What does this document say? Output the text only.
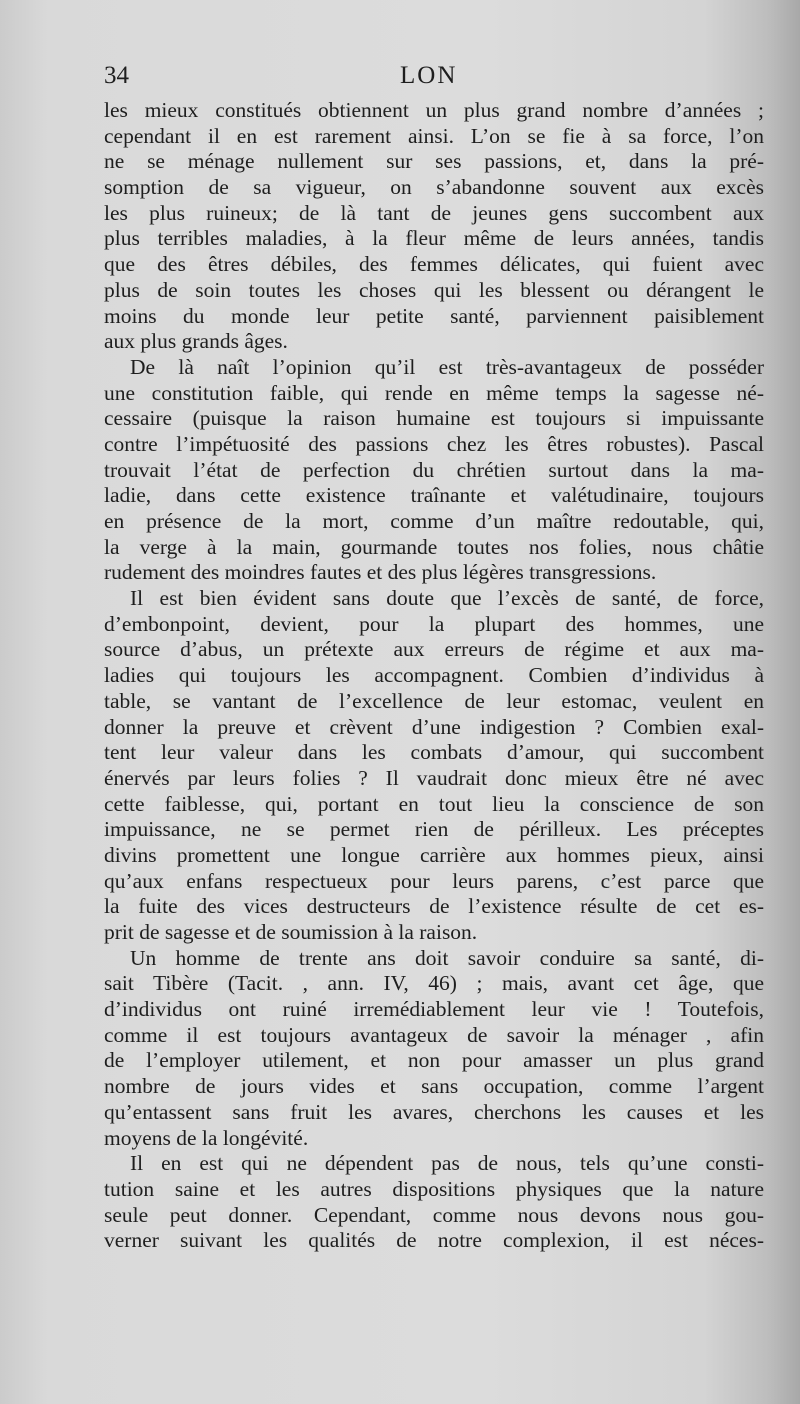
34	LON
les mieux constitués obtiennent un plus grand nombre d’années ;
cependant il en est rarement ainsi. L’on se fie à sa force, l’on
ne se ménage nullement sur ses passions, et, dans la pré-
somption de sa vigueur, on s’abandonne souvent aux excès
les plus ruineux; de là tant de jeunes gens succombent aux
plus terribles maladies, à la fleur même de leurs années, tandis
que des êtres débiles, des femmes délicates, qui fuient avec
plus de soin toutes les choses qui les blessent ou dérangent le
moins du monde leur petite santé, parviennent paisiblement
aux plus grands âges.
De là naît l’opinion qu’il est très-avantageux de posséder
une constitution faible, qui rende en même temps la sagesse né-
cessaire (puisque la raison humaine est toujours si impuissante
contre l’impétuosité des passions chez les êtres robustes). Pascal
trouvait l’état de perfection du chrétien surtout dans la ma-
ladie, dans cette existence traînante et valétudinaire, toujours
en présence de la mort, comme d’un maître redoutable, qui,
la verge à la main, gourmande toutes nos folies, nous châtie
rudement des moindres fautes et des plus légères transgressions.
Il est bien évident sans doute que l’excès de santé, de force,
d’embonpoint, devient, pour la plupart des hommes, une
source d’abus, un prétexte aux erreurs de régime et aux ma-
ladies qui toujours les accompagnent. Combien d’individus à
table, se vantant de l’excellence de leur estomac, veulent en
donner la preuve et crèvent d’une indigestion ? Combien exal-
tent leur valeur dans les combats d’amour, qui succombent
énervés par leurs folies ? Il vaudrait donc mieux être né avec
cette faiblesse, qui, portant en tout lieu la conscience de son
impuissance, ne se permet rien de périlleux. Les préceptes
divins promettent une longue carrière aux hommes pieux, ainsi
qu’aux enfans respectueux pour leurs parens, c’est parce que
la fuite des vices destructeurs de l’existence résulte de cet es-
prit de sagesse et de soumission à la raison.
Un homme de trente ans doit savoir conduire sa santé, di-
sait Tibère (Tacit. , ann. IV, 46) ; mais, avant cet âge, que
d’individus ont ruiné irremédiablement leur vie ! Toutefois,
comme il est toujours avantageux de savoir la ménager , afin
de l’employer utilement, et non pour amasser un plus grand
nombre de jours vides et sans occupation, comme l’argent
qu’entassent sans fruit les avares, cherchons les causes et les
moyens de la longévité.
Il en est qui ne dépendent pas de nous, tels qu’une consti-
tution saine et les autres dispositions physiques que la nature
seule peut donner. Cependant, comme nous devons nous gou-
verner suivant les qualités de notre complexion, il est néces-
